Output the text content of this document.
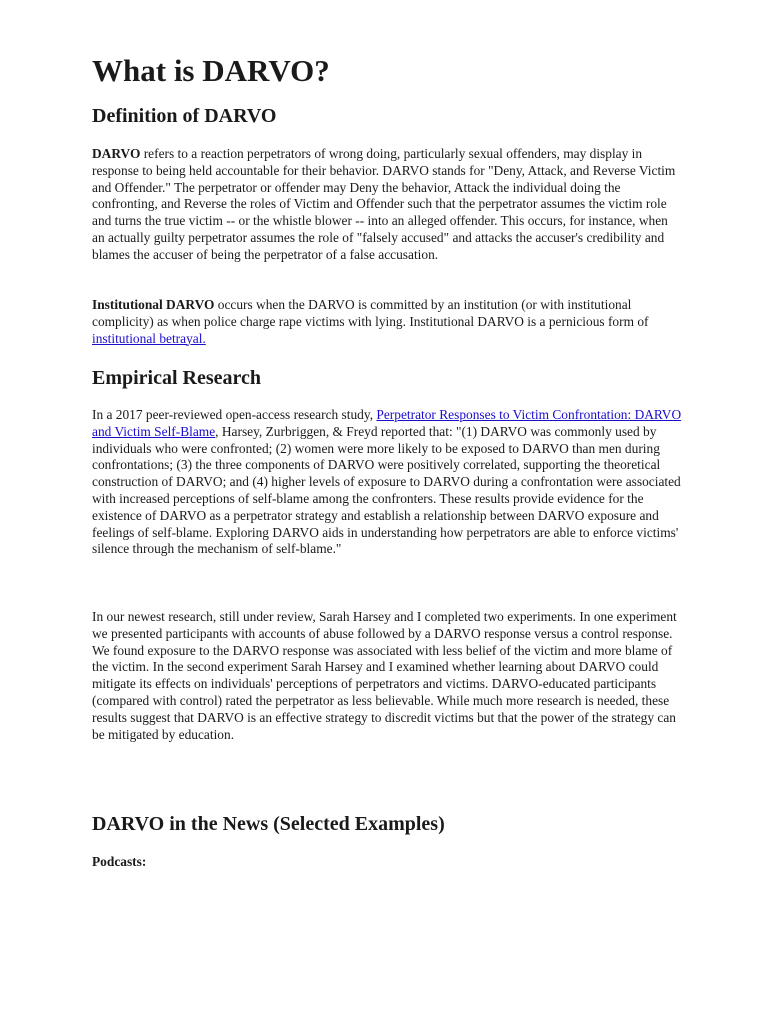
What is DARVO?
Definition of DARVO

DARVO refers to a reaction perpetrators of wrong doing, particularly sexual offenders, may display in response to being held accountable for their behavior. DARVO stands for "Deny, Attack, and Reverse Victim and Offender." The perpetrator or offender may Deny the behavior, Attack the individual doing the confronting, and Reverse the roles of Victim and Offender such that the perpetrator assumes the victim role and turns the true victim -- or the whistle blower -- into an alleged offender. This occurs, for instance, when an actually guilty perpetrator assumes the role of "falsely accused" and attacks the accuser's credibility and blames the accuser of being the perpetrator of a false accusation.

Institutional DARVO occurs when the DARVO is committed by an institution (or with institutional complicity) as when police charge rape victims with lying. Institutional DARVO is a pernicious form of institutional betrayal.

Empirical Research

In a 2017 peer-reviewed open-access research study, Perpetrator Responses to Victim Confrontation: DARVO and Victim Self-Blame, Harsey, Zurbriggen, & Freyd reported that: "(1) DARVO was commonly used by individuals who were confronted; (2) women were more likely to be exposed to DARVO than men during confrontations; (3) the three components of DARVO were positively correlated, supporting the theoretical construction of DARVO; and (4) higher levels of exposure to DARVO during a confrontation were associated with increased perceptions of self-blame among the confronters. These results provide evidence for the existence of DARVO as a perpetrator strategy and establish a relationship between DARVO exposure and feelings of self-blame. Exploring DARVO aids in understanding how perpetrators are able to enforce victims' silence through the mechanism of self-blame."

In our newest research, still under review, Sarah Harsey and I completed two experiments. In one experiment we presented participants with accounts of abuse followed by a DARVO response versus a control response. We found exposure to the DARVO response was associated with less belief of the victim and more blame of the victim. In the second experiment Sarah Harsey and I examined whether learning about DARVO could mitigate its effects on individuals' perceptions of perpetrators and victims. DARVO-educated participants (compared with control) rated the perpetrator as less believable. While much more research is needed, these results suggest that DARVO is an effective strategy to discredit victims but that the power of the strategy can be mitigated by education.

DARVO in the News (Selected Examples)
Podcasts:
